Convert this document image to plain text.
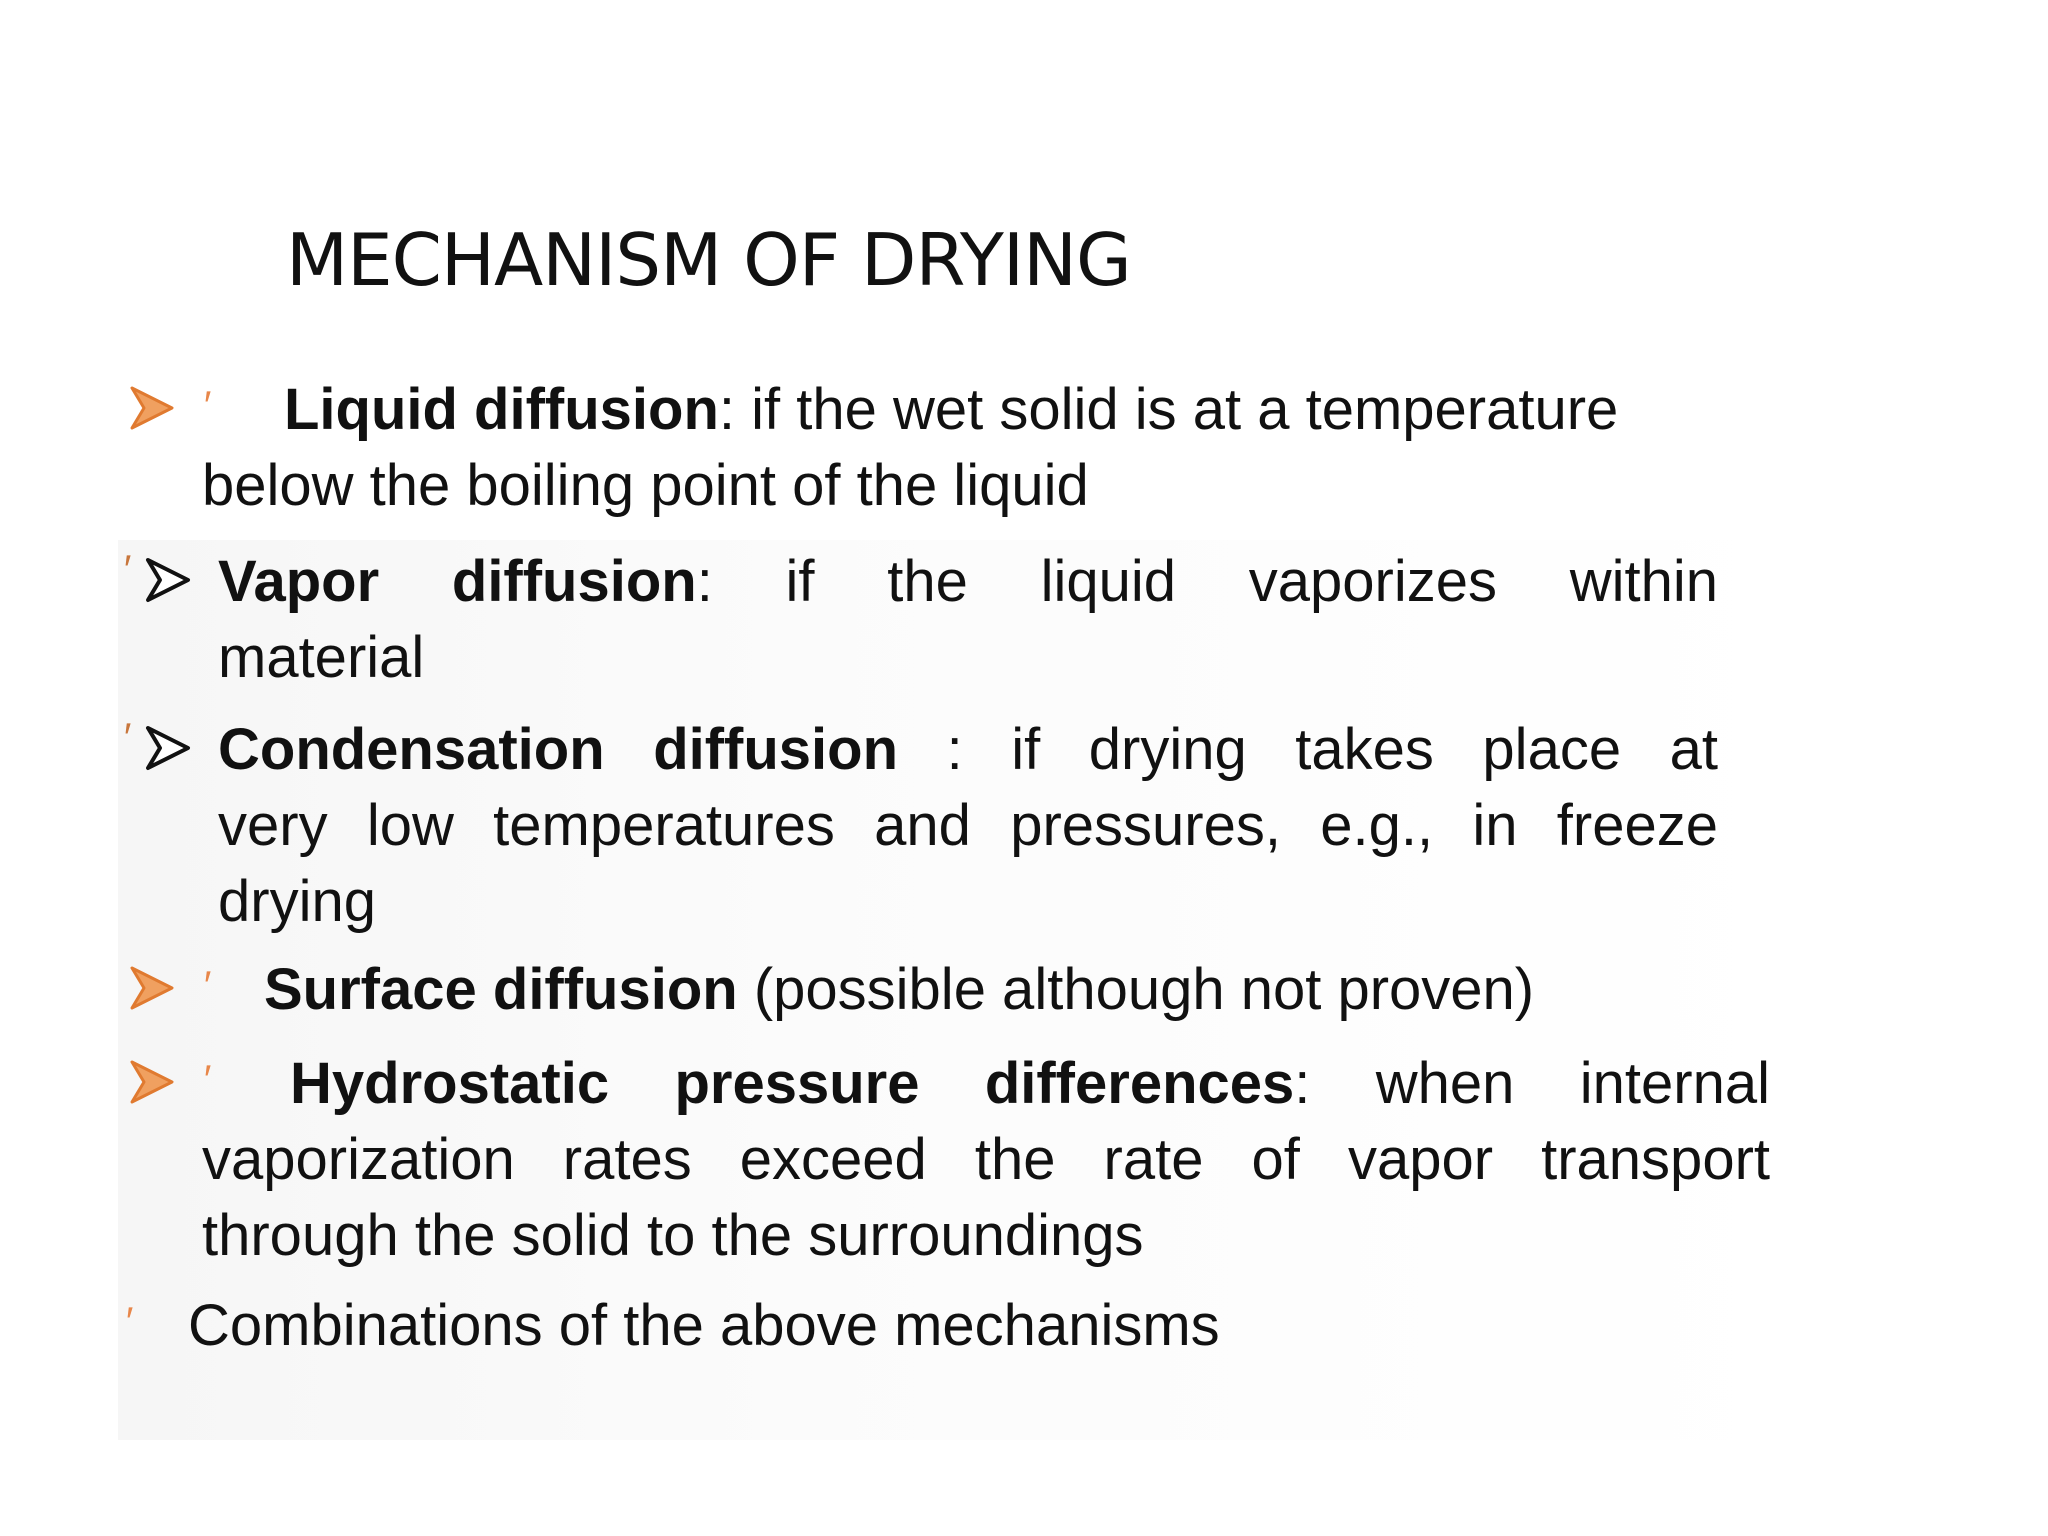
MECHANISM OF DRYING
′	Liquid diffusion: if the wet solid is at a temperature
below the boiling point of the liquid
′ Vapor diffusion: if the liquid vaporizes within
material
′ Condensation diffusion : if drying takes place at
very low temperatures and pressures, e.g., in freeze
drying
′ Surface diffusion (possible although not proven)
′	Hydrostatic pressure differences: when internal
vaporization rates exceed the rate of vapor transport
through the solid to the surroundings
′ Combinations of the above mechanisms
